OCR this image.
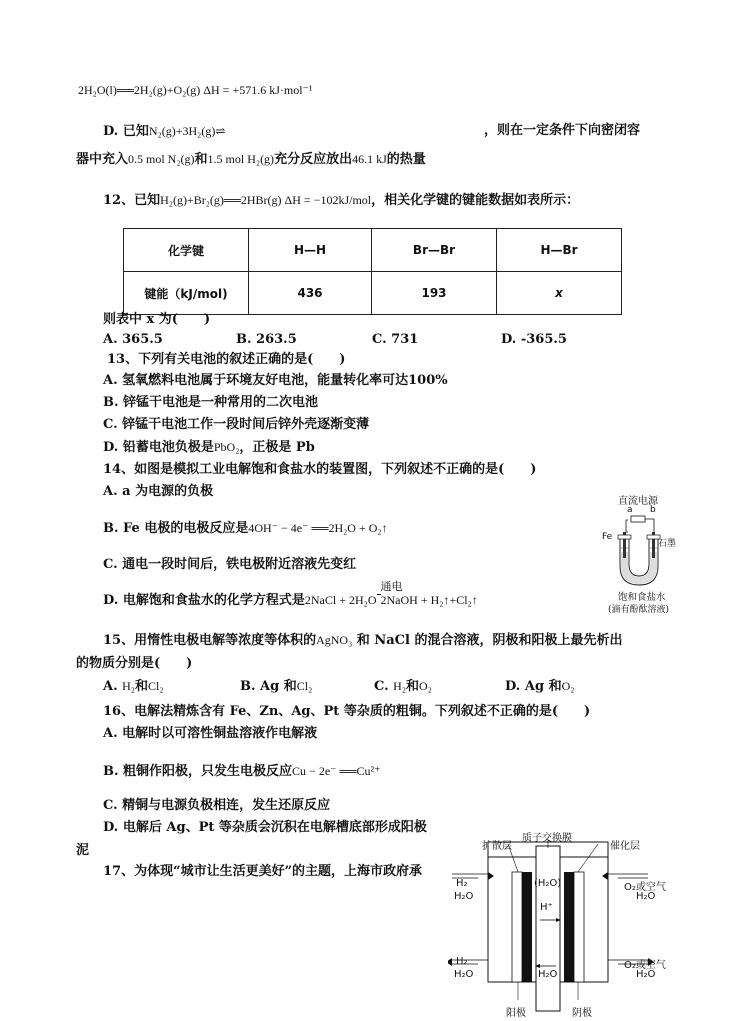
2H₂O(l)══2H₂(g)+O₂(g) ΔH = +571.6 kJ·mol⁻¹
D. 已知N₂(g)+3H₂(g)⇌	，则在一定条件下向密闭容
器中充入0.5 mol N₂(g)和1.5 mol H₂(g)充分反应放出46.1 kJ的热量
12、已知H₂(g)+Br₂(g)══2HBr(g) ΔH = −102kJ/mol，相关化学键的键能数据如表所示：
化学键	H—H	Br—Br	H—Br
键能（kJ/mol)	436	193	x
则表中 x 为(　　)
A. 365.5	B. 263.5	C. 731	D. -365.5
13、下列有关电池的叙述正确的是(　　)
A. 氢氧燃料电池属于环境友好电池，能量转化率可达100%
B. 锌锰干电池是一种常用的二次电池
C. 锌锰干电池工作一段时间后锌外壳逐渐变薄
D. 铅蓄电池负极是PbO₂，正极是 Pb
14、如图是模拟工业电解饱和食盐水的装置图，下列叙述不正确的是(　　)
A. a 为电源的负极
B. Fe 电极的电极反应是4OH⁻ − 4e⁻ ══2H₂O + O₂↑
C. 通电一段时间后，铁电极附近溶液先变红
D. 电解饱和食盐水的化学方程式是2NaCl + 2H₂O
通电
2NaOH + H₂↑+Cl₂↑
直流电源
a b
Fe
石墨
饱和食盐水
(滴有酚酞溶液)
15、用惰性电极电解等浓度等体积的AgNO₃ 和 NaCl 的混合溶液，阴极和阳极上最先析出
的物质分别是(　　)
A. H₂和Cl₂	B. Ag 和Cl₂	C. H₂和O₂	D. Ag 和O₂
16、电解法精炼含有 Fe、Zn、Ag、Pt 等杂质的粗铜。下列叙述不正确的是(　　)
A. 电解时以可溶性铜盐溶液作电解液
B. 粗铜作阳极，只发生电极反应Cu − 2e⁻ ══Cu²⁺
C. 精铜与电源负极相连，发生还原反应
D. 电解后 Ag、Pt 等杂质会沉积在电解槽底部形成阳极
泥
17、为体现“城市让生活更美好”的主题，上海市政府承
扩散层
质子交换膜
催化层
H₂
H₂O
(H₂O)
H⁺
O₂或空气
H₂O
H₂
H₂O	H₂O
O₂或空气
H₂O
阳极	阴极
